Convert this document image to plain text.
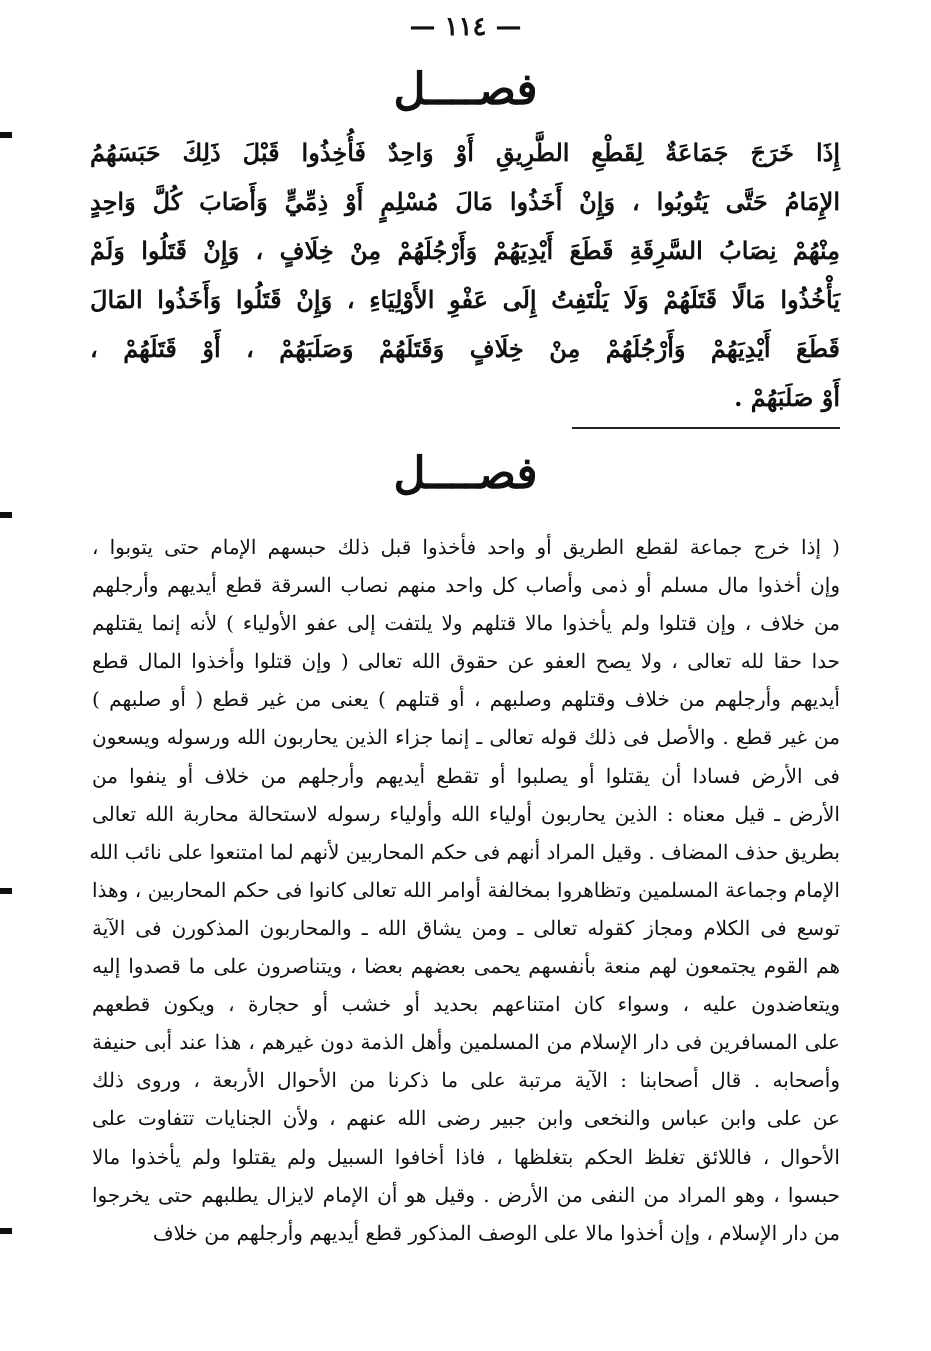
— ١١٤ —
فصــــل

إِذَا خَرَجَ جَمَاعَةٌ لِقَطْعِ الطَّرِيقِ أَوْ وَاحِدٌ فَأُخِذُوا قَبْلَ ذَلِكَ حَبَسَهُمُ

الإِمَامُ حَتَّى يَتُوبُوا ، وَإِنْ أَخَذُوا مَالَ مُسْلِمٍ أَوْ ذِمِّيٍّ وَأَصَابَ كُلَّ وَاحِدٍ

مِنْهُمْ نِصَابُ السَّرِقَةِ قَطَعَ أَيْدِيَهُمْ وَأَرْجُلَهُمْ مِنْ خِلَافٍ ، وَإِنْ قَتَلُوا وَلَمْ

يَأْخُذُوا مَالًا قَتَلَهُمْ وَلَا يَلْتَفِتُ إِلَى عَفْوِ الأَوْلِيَاءِ ، وَإِنْ قَتَلُوا وَأَخَذُوا المَالَ

قَطَعَ أَيْدِيَهُمْ وَأَرْجُلَهُمْ مِنْ خِلَافٍ وَقَتَلَهُمْ وَصَلَبَهُمْ ، أَوْ قَتَلَهُمْ ،

أَوْ صَلَبَهُمْ .

فصــــل

( إذا خرج جماعة لقطع الطريق أو واحد فأخذوا قبل ذلك حبسهم الإمام حتى يتوبوا ،

وإن أخذوا مال مسلم أو ذمى وأصاب كل واحد منهم نصاب السرقة قطع أيديهم وأرجلهم

من خلاف ، وإن قتلوا ولم يأخذوا مالا قتلهم ولا يلتفت إلى عفو الأولياء ) لأنه إنما يقتلهم

حدا حقا لله تعالى ، ولا يصح العفو عن حقوق الله تعالى ( وإن قتلوا وأخذوا المال قطع

أيديهم وأرجلهم من خلاف وقتلهم وصلبهم ، أو قتلهم ) يعنى من غير قطع ( أو صلبهم )

من غير قطع . والأصل فى ذلك قوله تعالى ـ إنما جزاء الذين يحاربون الله ورسوله ويسعون

فى الأرض فسادا أن يقتلوا أو يصلبوا أو تقطع أيديهم وأرجلهم من خلاف أو ينفوا من

الأرض ـ قيل معناه : الذين يحاربون أولياء الله وأولياء رسوله لاستحالة محاربة الله تعالى

بطريق حذف المضاف . وقيل المراد أنهم فى حكم المحاربين لأنهم لما امتنعوا على نائب الله

الإمام وجماعة المسلمين وتظاهروا بمخالفة أوامر الله تعالى كانوا فى حكم المحاربين ، وهذا

توسع فى الكلام ومجاز كقوله تعالى ـ ومن يشاق الله ـ والمحاربون المذكورن فى الآية

هم القوم يجتمعون لهم منعة بأنفسهم يحمى بعضهم بعضا ، ويتناصرون على ما قصدوا إليه

ويتعاضدون عليه ، وسواء كان امتناعهم بحديد أو خشب أو حجارة ، ويكون قطعهم

على المسافرين فى دار الإسلام من المسلمين وأهل الذمة دون غيرهم ، هذا عند أبى حنيفة

وأصحابه . قال أصحابنا : الآية مرتبة على ما ذكرنا من الأحوال الأربعة ، وروى ذلك

عن على وابن عباس والنخعى وابن جبير رضى الله عنهم ، ولأن الجنايات تتفاوت على

الأحوال ، فاللائق تغلظ الحكم بتغلظها ، فاذا أخافوا السبيل ولم يقتلوا ولم يأخذوا مالا

حبسوا ، وهو المراد من النفى من الأرض . وقيل هو أن الإمام لايزال يطلبهم حتى يخرجوا

من دار الإسلام ، وإن أخذوا مالا على الوصف المذكور قطع أيديهم وأرجلهم من خلاف
